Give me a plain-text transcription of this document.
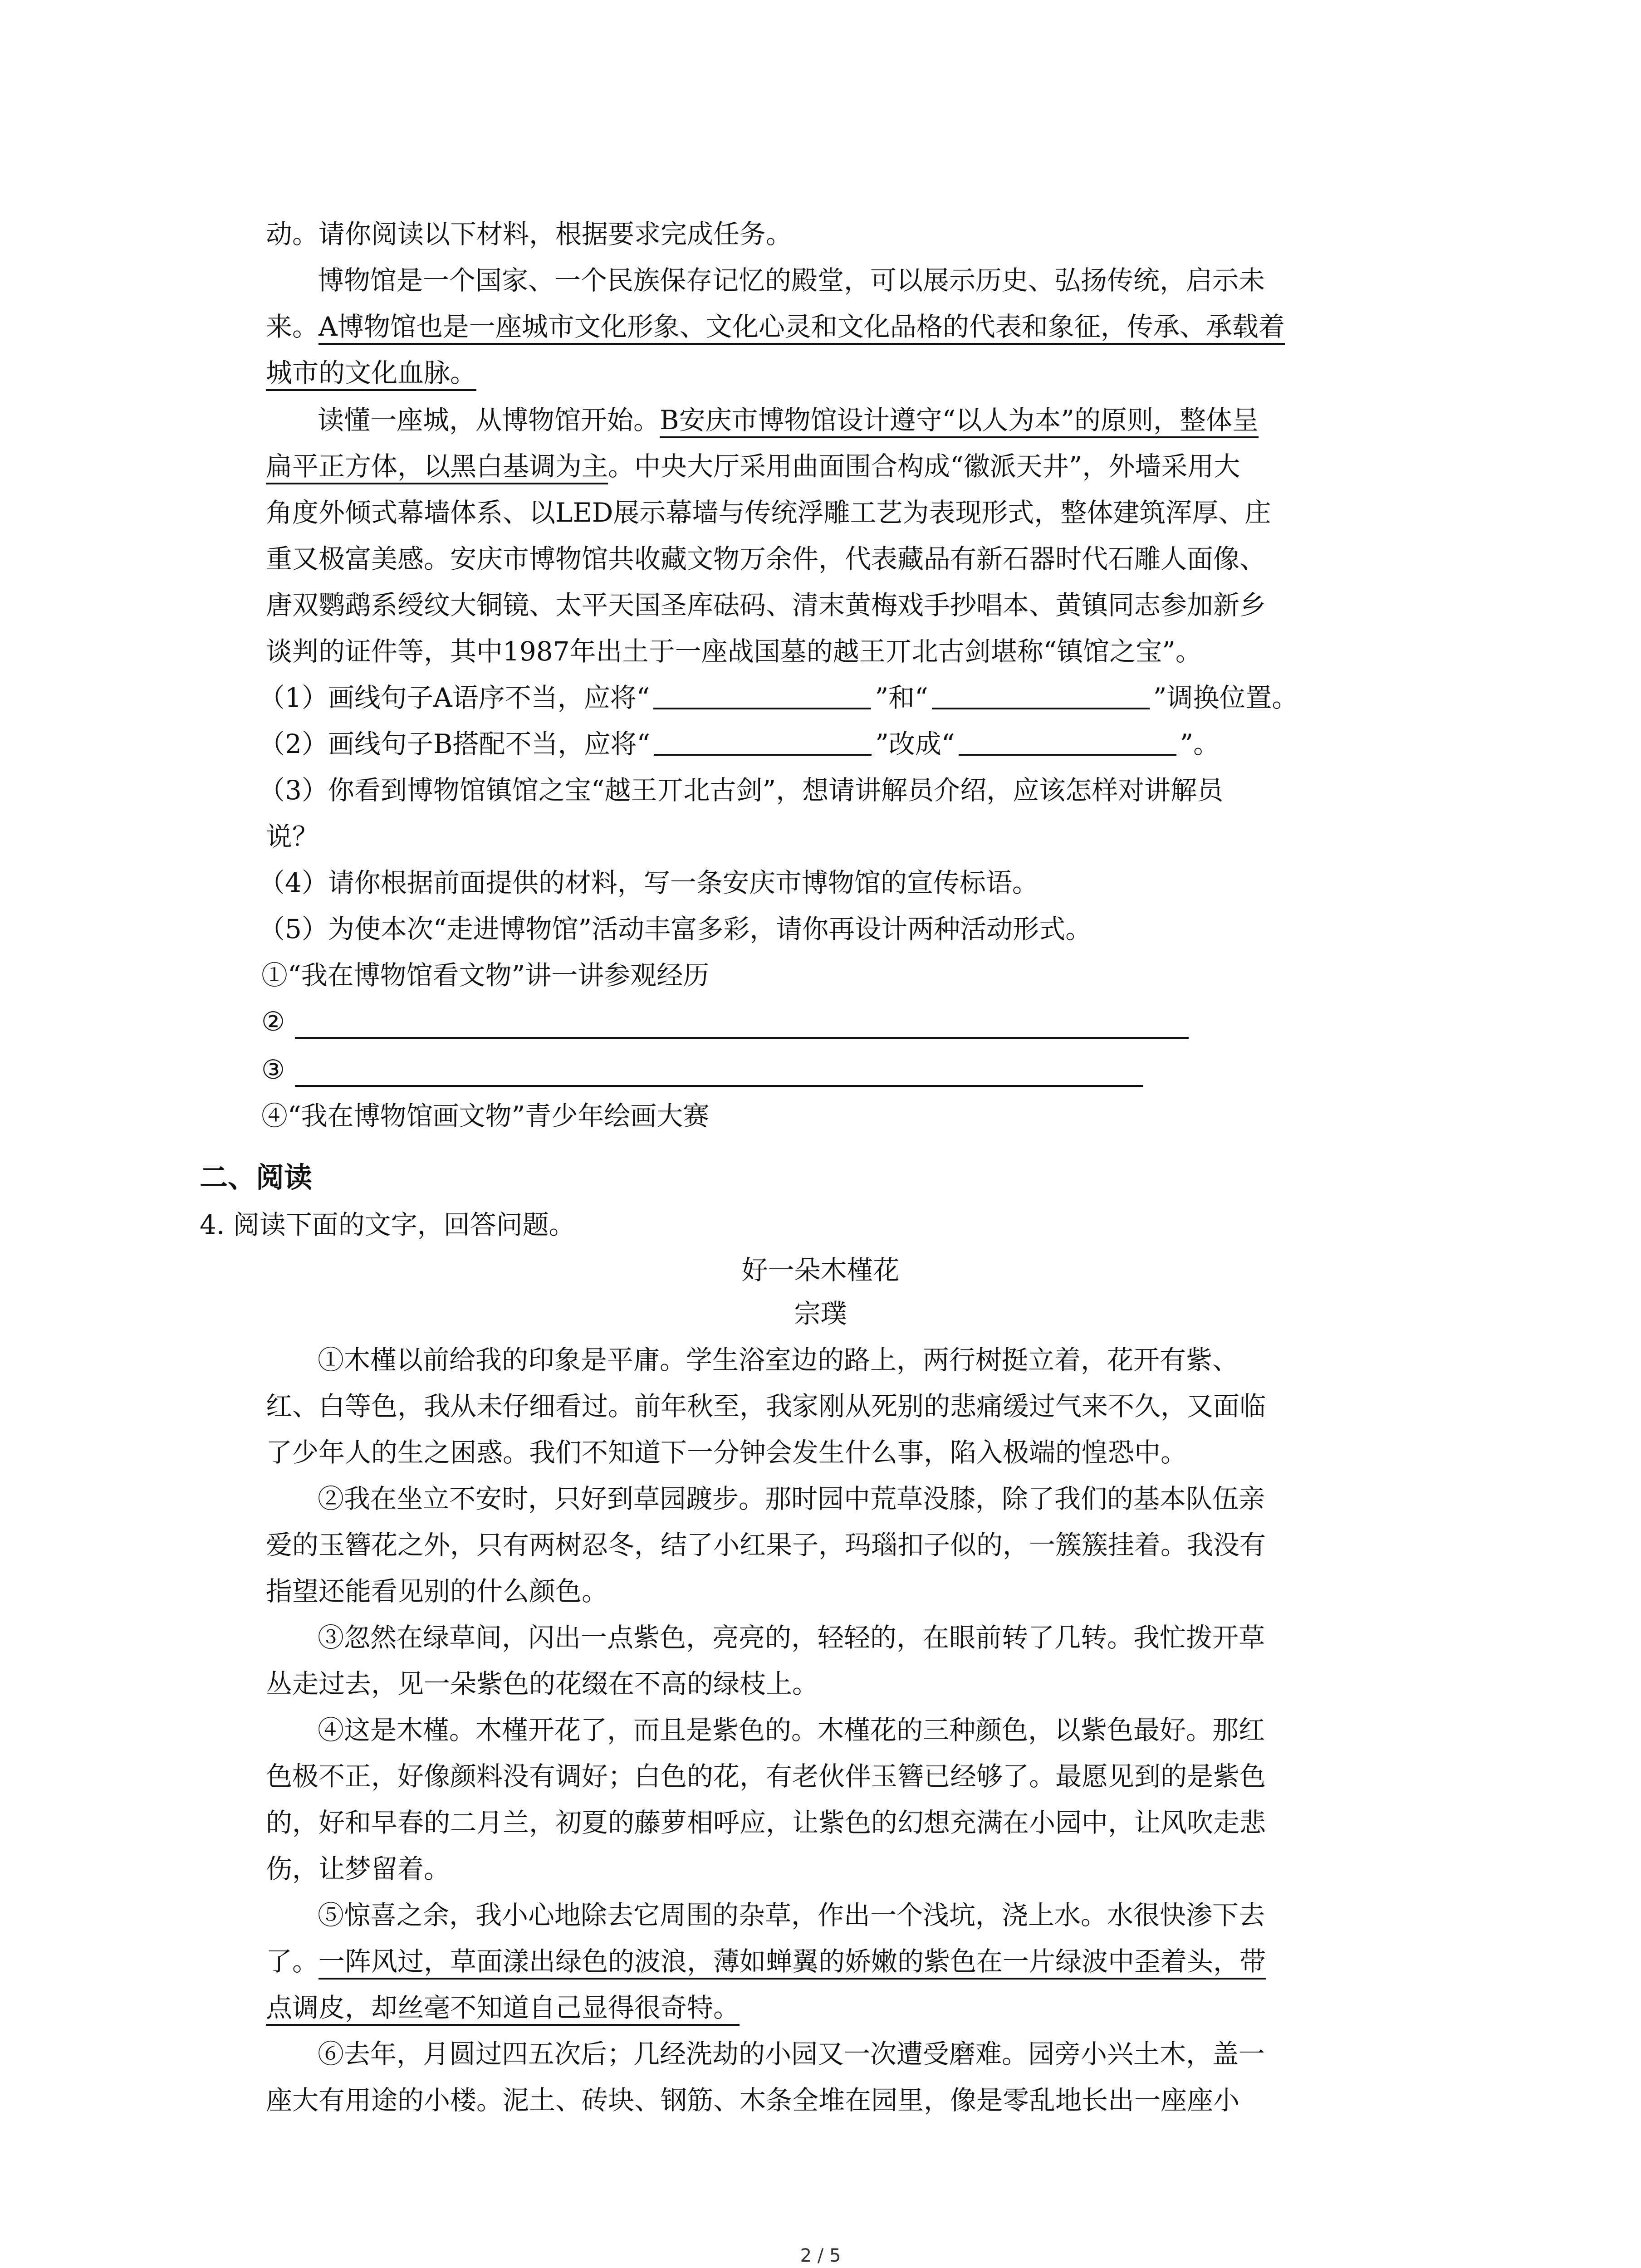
动。请你阅读以下材料，根据要求完成任务。
博物馆是一个国家、一个民族保存记忆的殿堂，可以展示历史、弘扬传统，启示未
来。A博物馆也是一座城市文化形象、文化心灵和文化品格的代表和象征，传承、承载着
城市的文化血脉。
读懂一座城，从博物馆开始。B安庆市博物馆设计遵守“以人为本”的原则，整体呈
扁平正方体，以黑白基调为主。中央大厅采用曲面围合构成“徽派天井”，外墙采用大
角度外倾式幕墙体系、以LED展示幕墙与传统浮雕工艺为表现形式，整体建筑浑厚、庄
重又极富美感。安庆市博物馆共收藏文物万余件，代表藏品有新石器时代石雕人面像、
唐双鹦鹉系绶纹大铜镜、太平天国圣库砝码、清末黄梅戏手抄唱本、黄镇同志参加新乡
谈判的证件等，其中1987年出土于一座战国墓的越王丌北古剑堪称“镇馆之宝”。
（1）画线句子A语序不当，应将“	”和“	”调换位置。
（2）画线句子B搭配不当，应将“	”改成“	”。
（3）你看到博物馆镇馆之宝“越王丌北古剑”，想请讲解员介绍，应该怎样对讲解员
说？
（4）请你根据前面提供的材料，写一条安庆市博物馆的宣传标语。
（5）为使本次“走进博物馆”活动丰富多彩，请你再设计两种活动形式。
①“我在博物馆看文物”讲一讲参观经历
②
③
④“我在博物馆画文物”青少年绘画大赛
二、阅读
4. 阅读下面的文字，回答问题。
好一朵木槿花
宗璞
①木槿以前给我的印象是平庸。学生浴室边的路上，两行树挺立着，花开有紫、
红、白等色，我从未仔细看过。前年秋至，我家刚从死别的悲痛缓过气来不久，又面临
了少年人的生之困惑。我们不知道下一分钟会发生什么事，陷入极端的惶恐中。
②我在坐立不安时，只好到草园踱步。那时园中荒草没膝，除了我们的基本队伍亲
爱的玉簪花之外，只有两树忍冬，结了小红果子，玛瑙扣子似的，一簇簇挂着。我没有
指望还能看见别的什么颜色。
③忽然在绿草间，闪出一点紫色，亮亮的，轻轻的，在眼前转了几转。我忙拨开草
丛走过去，见一朵紫色的花缀在不高的绿枝上。
④这是木槿。木槿开花了，而且是紫色的。木槿花的三种颜色，以紫色最好。那红
色极不正，好像颜料没有调好；白色的花，有老伙伴玉簪已经够了。最愿见到的是紫色
的，好和早春的二月兰，初夏的藤萝相呼应，让紫色的幻想充满在小园中，让风吹走悲
伤，让梦留着。
⑤惊喜之余，我小心地除去它周围的杂草，作出一个浅坑，浇上水。水很快渗下去
了。一阵风过，草面漾出绿色的波浪，薄如蝉翼的娇嫩的紫色在一片绿波中歪着头，带
点调皮，却丝毫不知道自己显得很奇特。
⑥去年，月圆过四五次后；几经洗劫的小园又一次遭受磨难。园旁小兴土木，盖一
座大有用途的小楼。泥土、砖块、钢筋、木条全堆在园里，像是零乱地长出一座座小
2 / 5
